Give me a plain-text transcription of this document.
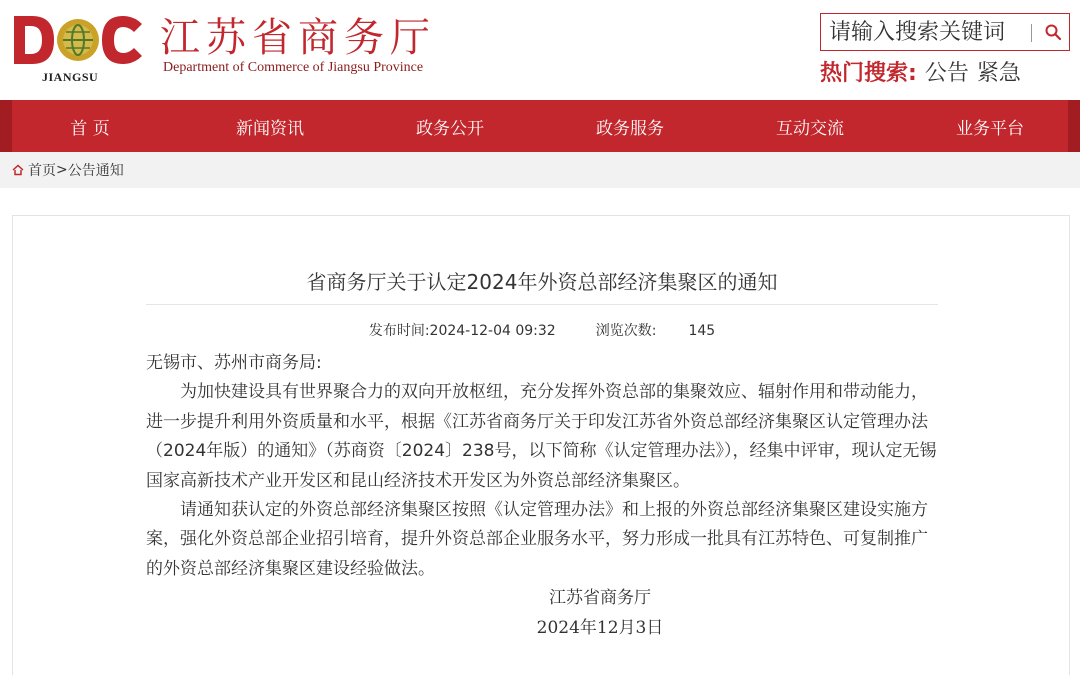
JIANGSU
江苏省商务厅
Department of Commerce of Jiangsu Province
请输入搜索关键词	热门搜索: 公告 紧急
首 页	新闻资讯	政务公开	政务服务	互动交流	业务平台
首页 > 公告通知
省商务厅关于认定2024年外资总部经济集聚区的通知
发布时间:2024-12-04 09:32	浏览次数: 145

无锡市、苏州市商务局:

为加快建设具有世界聚合力的双向开放枢纽，充分发挥外资总部的集聚效应、辐射作用和带动能力，进一步提升利用外资质量和水平，根据《江苏省商务厅关于印发江苏省外资总部经济集聚区认定管理办法（2024年版）的通知》（苏商资〔2024〕238号，以下简称《认定管理办法》），经集中评审，现认定无锡国家高新技术产业开发区和昆山经济技术开发区为外资总部经济集聚区。

请通知获认定的外资总部经济集聚区按照《认定管理办法》和上报的外资总部经济集聚区建设实施方案，强化外资总部企业招引培育，提升外资总部企业服务水平，努力形成一批具有江苏特色、可复制推广的外资总部经济集聚区建设经验做法。

江苏省商务厅

2024年12月3日
